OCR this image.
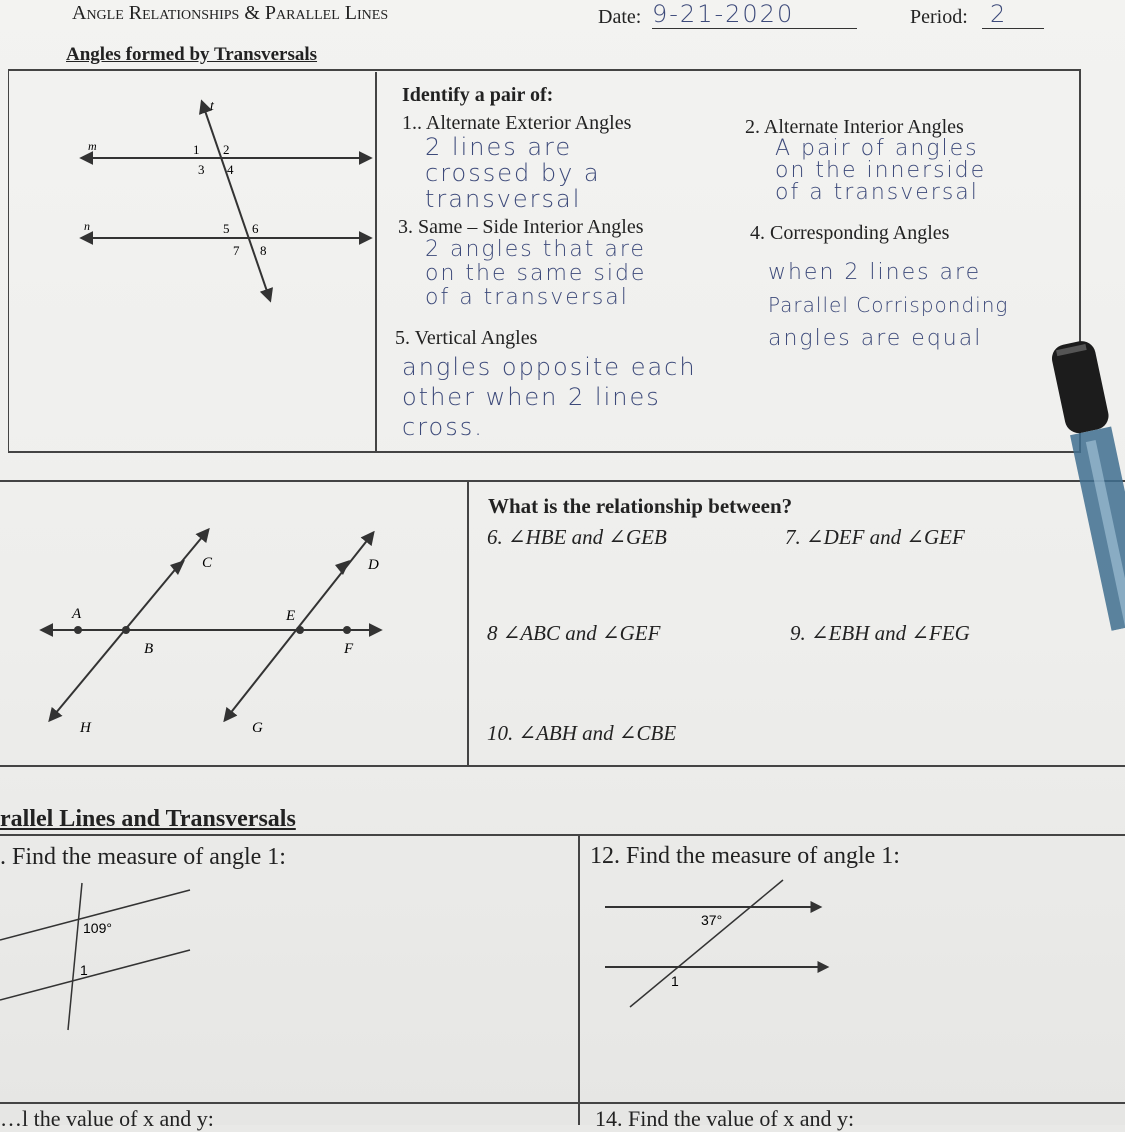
Angle Relationships & Parallel Lines	Date: 9-21-2020	Period: 2
Angles formed by Transversals
t
m
n
1 2
3 4
5 6
7 8
Identify a pair of:
1.. Alternate Exterior Angles
2 lines are
crossed by a
transversal
2. Alternate Interior Angles
A pair of angles
on the innerside
of a transversal
3. Same – Side Interior Angles
2 angles that are
on the same side
of a transversal
4. Corresponding Angles
when 2 lines are
Parallel Corrisponding
angles are equal
5. Vertical Angles
angles opposite each
other when 2 lines
cross.
A
B
C	D
E
F
G
H
What is the relationship between?
6. ∠HBE and ∠GEB	7. ∠DEF and ∠GEF
8 ∠ABC and ∠GEF	9. ∠EBH and ∠FEG
10. ∠ABH and ∠CBE
rallel Lines and Transversals
. Find the measure of angle 1:
109°
1
12. Find the measure of angle 1:
37°
1
…l the value of x and y:	14. Find the value of x and y:
